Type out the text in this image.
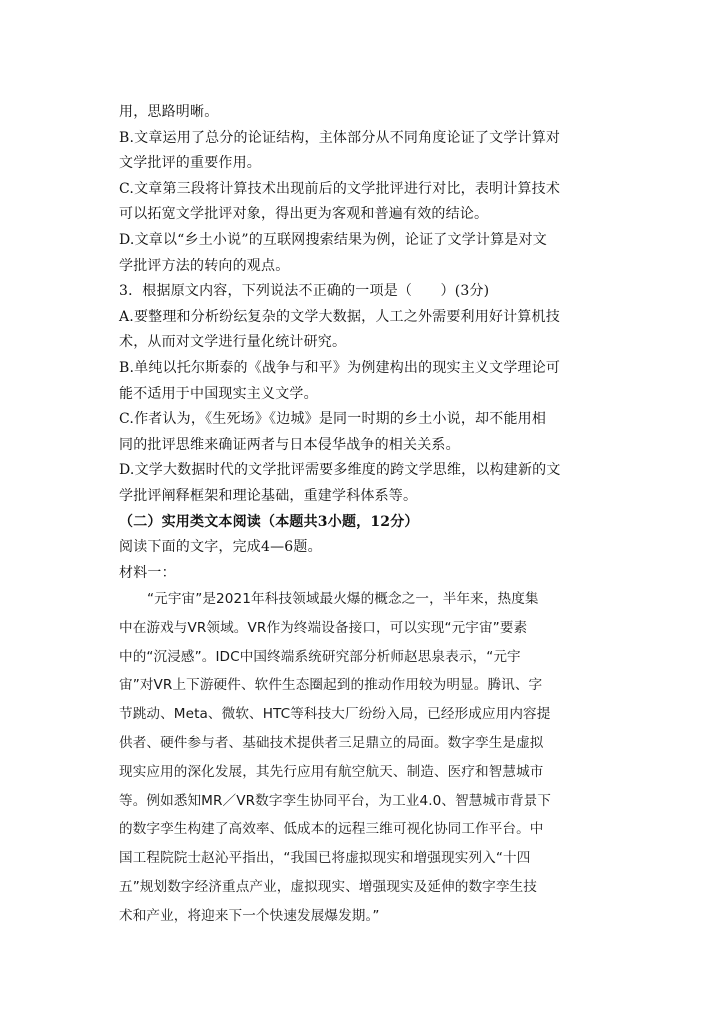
用，思路明晰。
B.文章运用了总分的论证结构，主体部分从不同角度论证了文学计算对
文学批评的重要作用。
C.文章第三段将计算技术出现前后的文学批评进行对比，表明计算技术
可以拓宽文学批评对象，得出更为客观和普遍有效的结论。
D.文章以“乡土小说”的互联网搜索结果为例，论证了文学计算是对文
学批评方法的转向的观点。
3．根据原文内容，下列说法不正确的一项是（　　）(3分)
A.要整理和分析纷纭复杂的文学大数据，人工之外需要利用好计算机技
术，从而对文学进行量化统计研究。
B.单纯以托尔斯泰的《战争与和平》为例建构出的现实主义文学理论可
能不适用于中国现实主义文学。
C.作者认为，《生死场》《边城》是同一时期的乡土小说，却不能用相
同的批评思维来确证两者与日本侵华战争的相关关系。
D.文学大数据时代的文学批评需要多维度的跨文学思维，以构建新的文
学批评阐释框架和理论基础，重建学科体系等。
（二）实用类文本阅读（本题共3小题，12分）
阅读下面的文字，完成4—6题。
材料一：
“元宇宙”是2021年科技领域最火爆的概念之一，半年来，热度集
中在游戏与VR领域。VR作为终端设备接口，可以实现“元宇宙”要素
中的“沉浸感”。IDC中国终端系统研究部分析师赵思泉表示，“元宇
宙”对VR上下游硬件、软件生态圈起到的推动作用较为明显。腾讯、字
节跳动、Meta、微软、HTC等科技大厂纷纷入局，已经形成应用内容提
供者、硬件参与者、基础技术提供者三足鼎立的局面。数字孪生是虚拟
现实应用的深化发展，其先行应用有航空航天、制造、医疗和智慧城市
等。例如悉知MR／VR数字孪生协同平台，为工业4.0、智慧城市背景下
的数字孪生构建了高效率、低成本的远程三维可视化协同工作平台。中
国工程院院士赵沁平指出，“我国已将虚拟现实和增强现实列入“十四
五”规划数字经济重点产业，虚拟现实、增强现实及延伸的数字孪生技
术和产业，将迎来下一个快速发展爆发期。”
